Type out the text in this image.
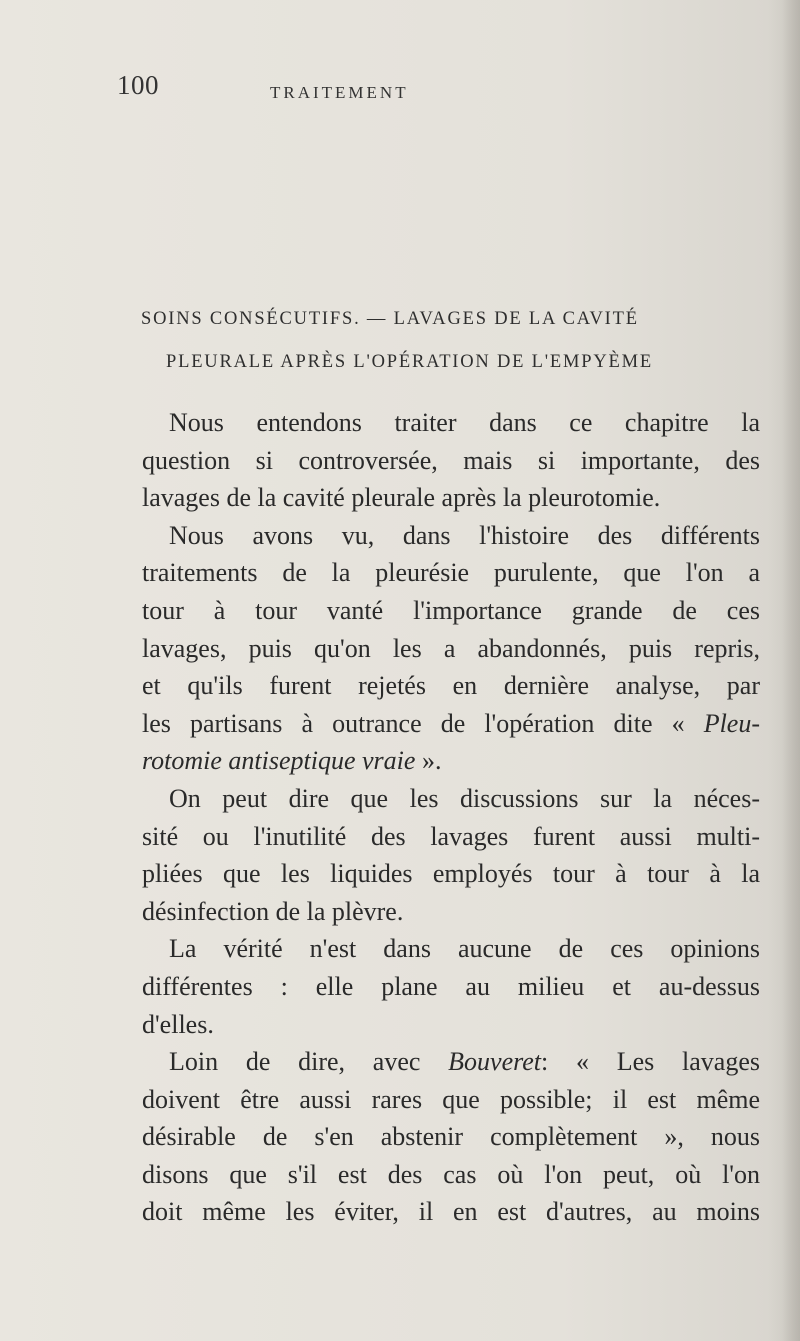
100	TRAITEMENT
SOINS CONSÉCUTIFS. — LAVAGES DE LA CAVITÉ
PLEURALE APRÈS L'OPÉRATION DE L'EMPYÈME
Nous entendons traiter dans ce chapitre la
question si controversée, mais si importante, des
lavages de la cavité pleurale après la pleurotomie.
Nous avons vu, dans l'histoire des différents
traitements de la pleurésie purulente, que l'on a
tour à tour vanté l'importance grande de ces
lavages, puis qu'on les a abandonnés, puis repris,
et qu'ils furent rejetés en dernière analyse, par
les partisans à outrance de l'opération dite « Pleu-
rotomie antiseptique vraie ».
On peut dire que les discussions sur la néces-
sité ou l'inutilité des lavages furent aussi multi-
pliées que les liquides employés tour à tour à la
désinfection de la plèvre.
La vérité n'est dans aucune de ces opinions
différentes : elle plane au milieu et au-dessus
d'elles.
Loin de dire, avec Bouveret: « Les lavages
doivent être aussi rares que possible; il est même
désirable de s'en abstenir complètement », nous
disons que s'il est des cas où l'on peut, où l'on
doit même les éviter, il en est d'autres, au moins
